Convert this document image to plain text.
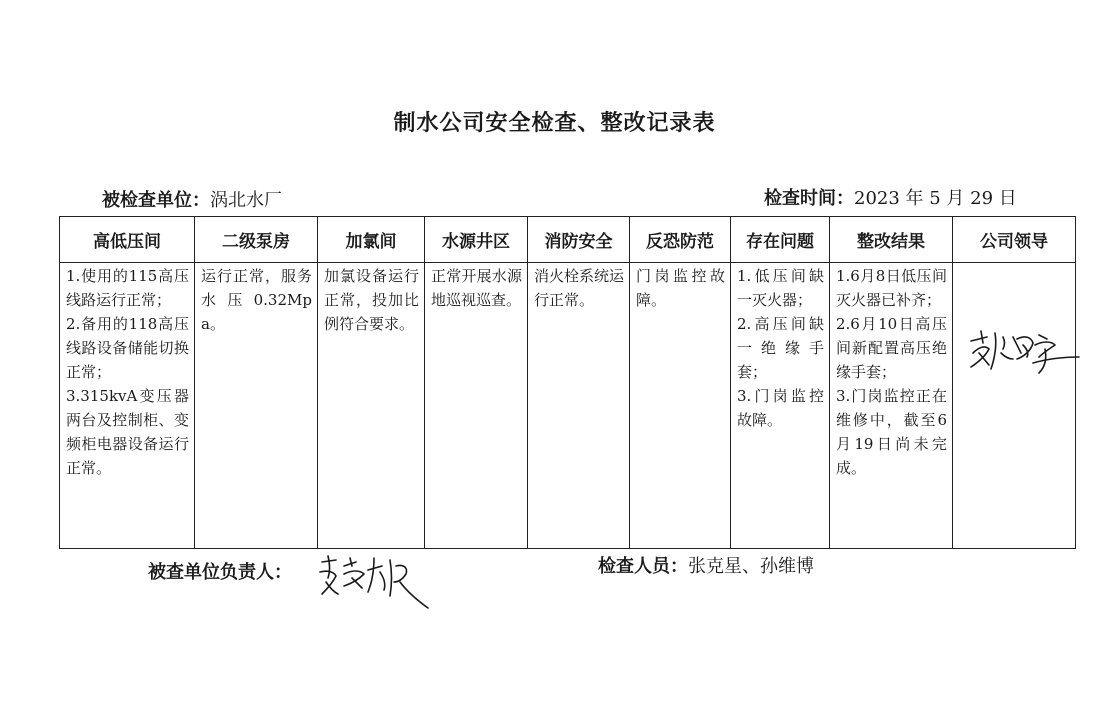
制水公司安全检查、整改记录表
被检查单位：涡北水厂	检查时间：2023 年 5 月 29 日
高低压间	二级泵房	加氯间	水源井区	消防安全	反恐防范	存在问题	整改结果	公司领导

1.使用的115高压线路运行正常；
2.备用的118高压线路设备储能切换正常；
3.315kvA变压器两台及控制柜、变频柜电器设备运行正常。	运行正常，服务水压0.32Mpa。	加氯设备运行正常，投加比例符合要求。	正常开展水源地巡视巡查。	消火栓系统运行正常。	门岗监控故障。	1.低压间缺一灭火器；
2.高压间缺一绝缘手套；
3.门岗监控故障。	1.6月8日低压间灭火器已补齐；
2.6月10日高压间新配置高压绝缘手套；
3.门岗监控正在维修中，截至6月19日尚未完成。

被查单位负责人：	检查人员：张克星、孙维博
